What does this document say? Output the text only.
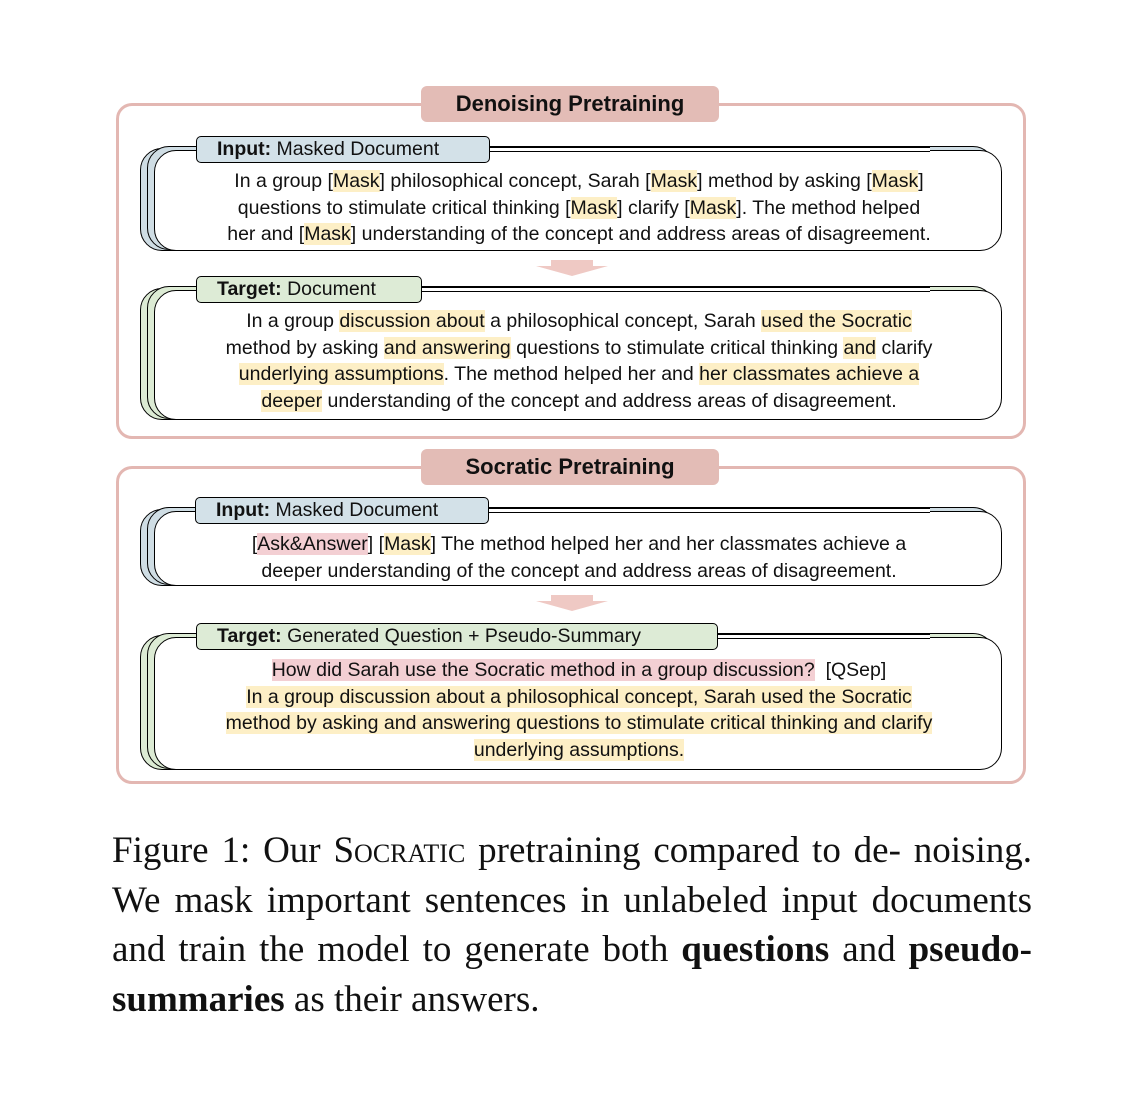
Denoising Pretraining
Input: Masked Document
In a group [Mask] philosophical concept, Sarah [Mask] method by asking [Mask]
questions to stimulate critical thinking [Mask] clarify [Mask]. The method helped
her and [Mask] understanding of the concept and address areas of disagreement.
Target: Document
In a group discussion about a philosophical concept, Sarah used the Socratic
method by asking and answering questions to stimulate critical thinking and clarify
underlying assumptions. The method helped her and her classmates achieve a
deeper understanding of the concept and address areas of disagreement.
Socratic Pretraining
Input: Masked Document
[Ask&Answer] [Mask] The method helped her and her classmates achieve a
deeper understanding of the concept and address areas of disagreement.
Target: Generated Question + Pseudo-Summary
How did Sarah use the Socratic method in a group discussion?  [QSep]
In a group discussion about a philosophical concept, Sarah used the Socratic
method by asking and answering questions to stimulate critical thinking and clarify
underlying assumptions.
Figure 1: Our Socratic pretraining compared to de- noising. We mask important sentences in unlabeled input documents and train the model to generate both questions and pseudo-summaries as their answers.
